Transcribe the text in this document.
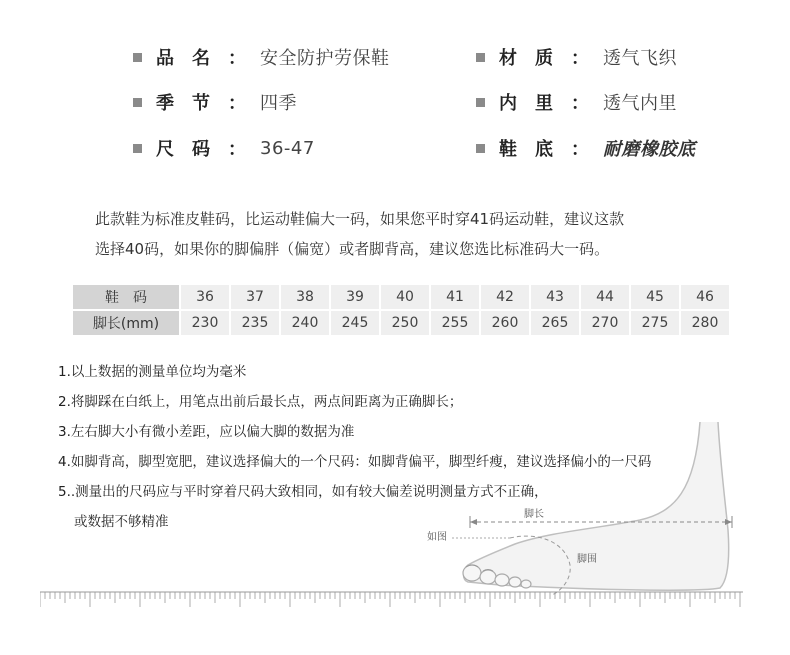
品名 ： 安全防护劳保鞋	材质 ： 透气飞织
季节 ： 四季	内里 ： 透气内里
尺码 ： 36-47	鞋底 ： 耐磨橡胶底
此款鞋为标准皮鞋码，比运动鞋偏大一码，如果您平时穿41码运动鞋，建议这款
选择40码，如果你的脚偏胖（偏宽）或者脚背高，建议您选比标准码大一码。
鞋　码	36	37	38	39	40	41	42	43	44	45	46
脚长(mm)	230	235	240	245	250	255	260	265	270	275	280
脚长
脚围
如图
1.以上数据的测量单位均为毫米
2.将脚踩在白纸上，用笔点出前后最长点，两点间距离为正确脚长；
3.左右脚大小有微小差距，应以偏大脚的数据为准
4.如脚背高，脚型宽肥，建议选择偏大的一个尺码：如脚背偏平，脚型纤瘦，建议选择偏小的一尺码
5..测量出的尺码应与平时穿着尺码大致相同，如有较大偏差说明测量方式不正确，
或数据不够精准
